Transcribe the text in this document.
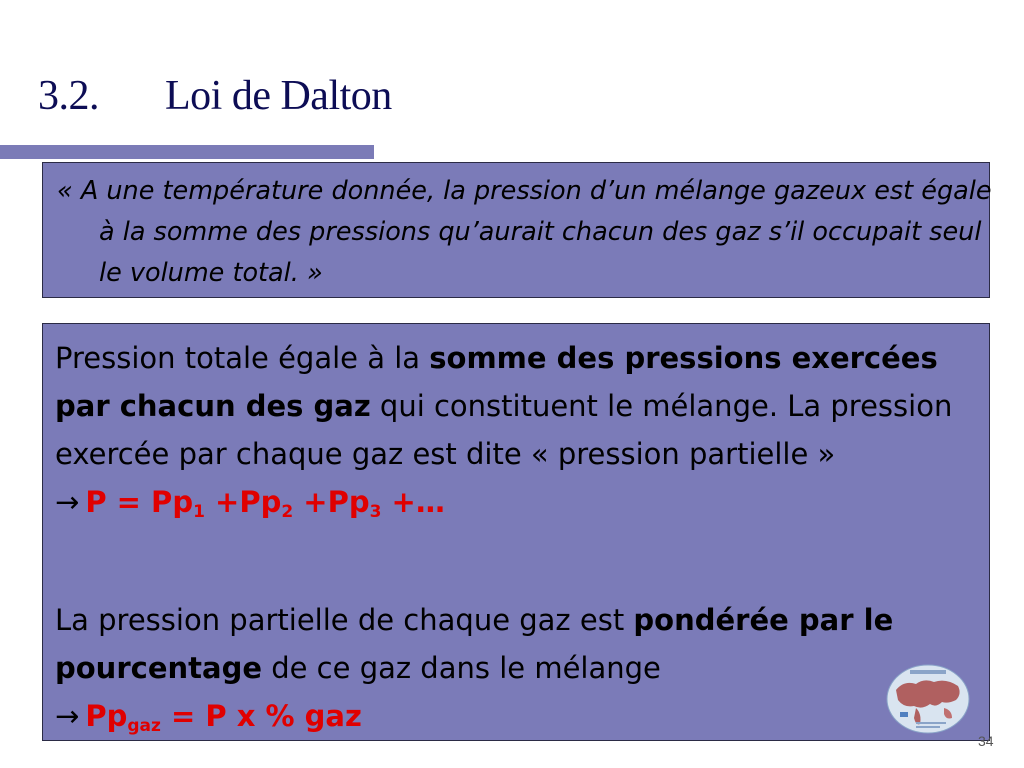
3.2. Loi de Dalton
« A une température donnée, la pression d’un mélange gazeux est égale à la somme des pressions qu’aurait chacun des gaz s’il occupait seul le volume total. »
Pression totale égale à la somme des pressions exercées par chacun des gaz qui constituent le mélange. La pression exercée par chaque gaz est dite « pression partielle »
→ $P = Pp_1 +Pp_2 +Pp_3$ +…
La pression partielle de chaque gaz est pondérée par le pourcentage de ce gaz dans le mélange
→ $Pp_{gaz} = P$ x % gaz
34
